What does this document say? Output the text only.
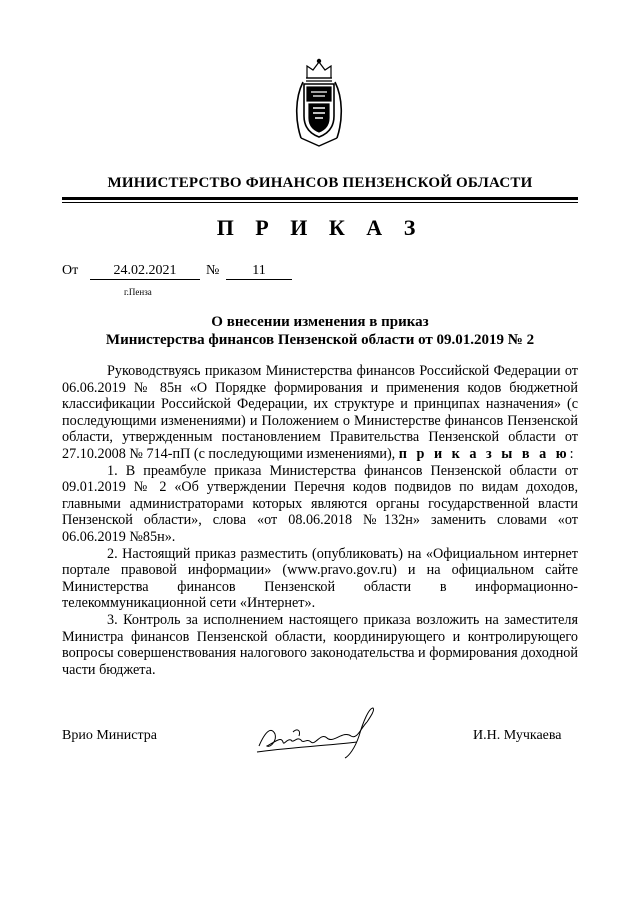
МИНИСТЕРСТВО ФИНАНСОВ ПЕНЗЕНСКОЙ ОБЛАСТИ
П Р И К А З
От	24.02.2021	№	11
г.Пенза
О внесении изменения в приказ
Министерства финансов Пензенской области от 09.01.2019 № 2

Руководствуясь приказом Министерства финансов Российской Федерации от 06.06.2019 № 85н «О Порядке формирования и применения кодов бюджетной классификации Российской Федерации, их структуре и принципах назначения» (с последующими изменениями) и Положением о Министерстве финансов Пензенской области, утвержденным постановлением Правительства Пензенской области от 27.10.2008 № 714-пП (с последующими изменениями), п р и к а з ы в а ю:

1. В преамбуле приказа Министерства финансов Пензенской области от 09.01.2019 № 2 «Об утверждении Перечня кодов подвидов по видам доходов, главными администраторами которых являются органы государственной власти Пензенской области», слова «от 08.06.2018 №132н» заменить словами «от 06.06.2019 №85н».

2. Настоящий приказ разместить (опубликовать) на «Официальном интернет портале правовой информации» (www.pravo.gov.ru) и на официальном сайте Министерства финансов Пензенской области в информационно-телекоммуникационной сети «Интернет».

3. Контроль за исполнением настоящего приказа возложить на заместителя Министра финансов Пензенской области, координирующего и контролирующего вопросы совершенствования налогового законодательства и формирования доходной части бюджета.

Врио Министра	И.Н. Мучкаева
